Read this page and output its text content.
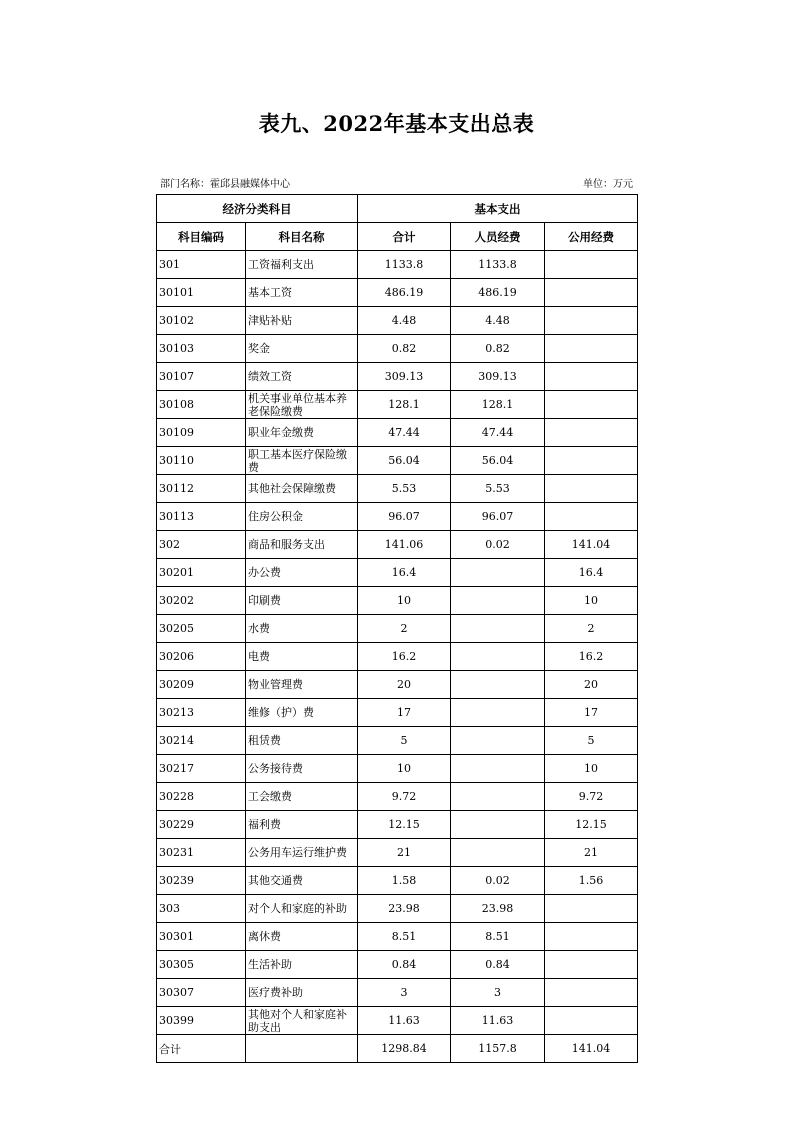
表九、2022年基本支出总表
部门名称：霍邱县融媒体中心	单位：万元
经济分类科目		基本支出		
科目编码	科目名称	合计	人员经费	公用经费
301	工资福利支出	1133.8	1133.8	
30101	基本工资	486.19	486.19	
30102	津贴补贴	4.48	4.48	
30103	奖金	0.82	0.82	
30107	绩效工资	309.13	309.13	
30108	机关事业单位基本养老保险缴费	128.1	128.1	
30109	职业年金缴费	47.44	47.44	
30110	职工基本医疗保险缴费	56.04	56.04	
30112	其他社会保障缴费	5.53	5.53	
30113	住房公积金	96.07	96.07	
302	商品和服务支出	141.06	0.02	141.04
30201	办公费	16.4		16.4
30202	印刷费	10		10
30205	水费	2		2
30206	电费	16.2		16.2
30209	物业管理费	20		20
30213	维修（护）费	17		17
30214	租赁费	5		5
30217	公务接待费	10		10
30228	工会缴费	9.72		9.72
30229	福利费	12.15		12.15
30231	公务用车运行维护费	21		21
30239	其他交通费	1.58	0.02	1.56
303	对个人和家庭的补助	23.98	23.98	
30301	离休费	8.51	8.51	
30305	生活补助	0.84	0.84	
30307	医疗费补助	3	3	
30399	其他对个人和家庭补助支出	11.63	11.63	
合计		1298.84	1157.8	141.04
